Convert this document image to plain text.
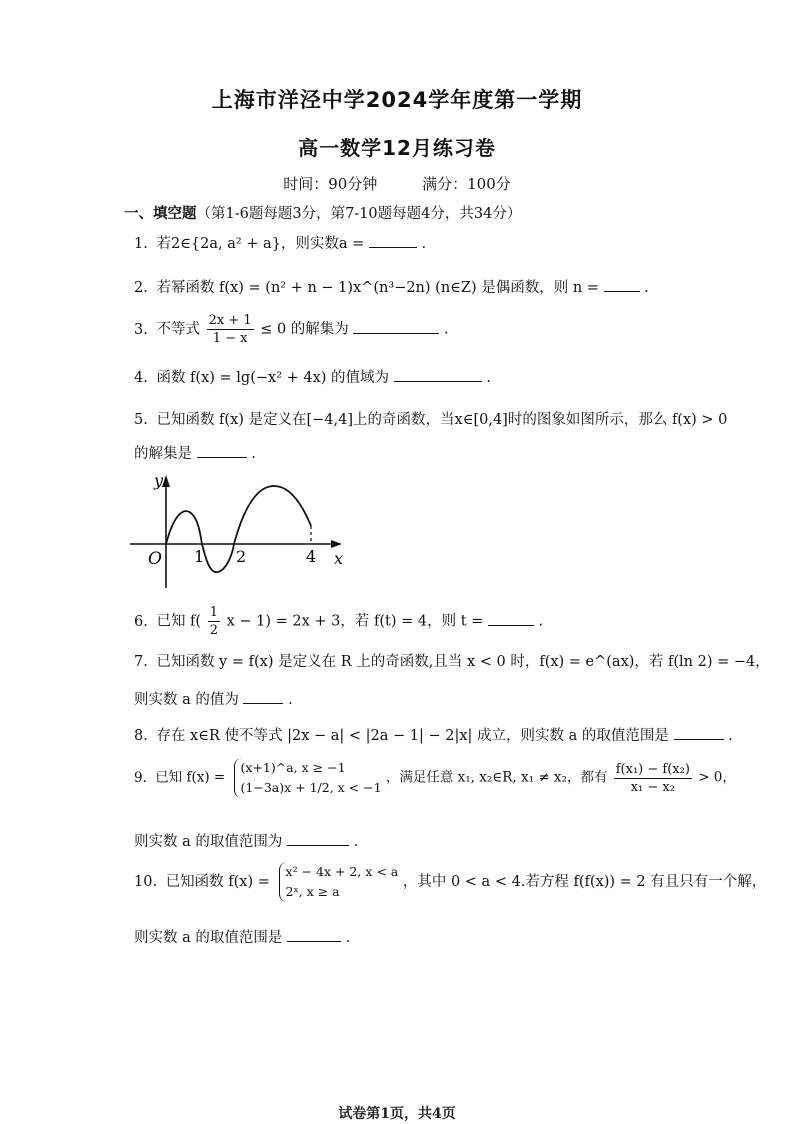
上海市洋泾中学2024学年度第一学期
高一数学12月练习卷
时间：90分钟	满分：100分
一、填空题（第1-6题每题3分，第7-10题每题4分，共34分）
1. 若2∈{2a, a² + a}，则实数a =	.
2. 若幂函数 f(x) = (n² + n − 1)x^(n³−2n) (n∈Z) 是偶函数，则 n =	.
3. 不等式 $\frac{2x + 1}{1 - x} \le 0$ 的解集为	.
4. 函数 f(x) = lg(−x² + 4x) 的值域为	.
5. 已知函数 f(x) 是定义在[−4,4]上的奇函数，当x∈[0,4]时的图象如图所示，那么 f(x) > 0
的解集是	.
y
x
O 1 2	4
6. 已知 $f( \frac{1}{2}$ x − 1) = 2x + 3，若 f(t) = 4，则 t =	.
7. 已知函数 y = f(x) 是定义在 R 上的奇函数,且当 x < 0 时，f(x) = e^(ax)，若 f(ln 2) = −4，
则实数 a 的值为	.
8. 存在 x∈R 使不等式 |2x − a| < |2a − 1| − 2|x| 成立，则实数 a 的取值范围是	.
9. 已知 f(x) =
(x+1)^a, x ≥ −1
(1−3a)x + 1/2, x < −1
，满足任意 x₁, x₂∈R, x₁ ≠ x₂，都有 $\frac{\text{f(x₁) − f(x₂)}}{\text{x₁ − x₂}} > 0$，
则实数 a 的取值范围为	.
10. 已知函数 f(x) =
x² − 4x + 2, x < a
2ˣ, x ≥ a
，其中 0 < a < 4.若方程 f(f(x)) = 2 有且只有一个解，
则实数 a 的取值范围是	.
试卷第1页，共4页
